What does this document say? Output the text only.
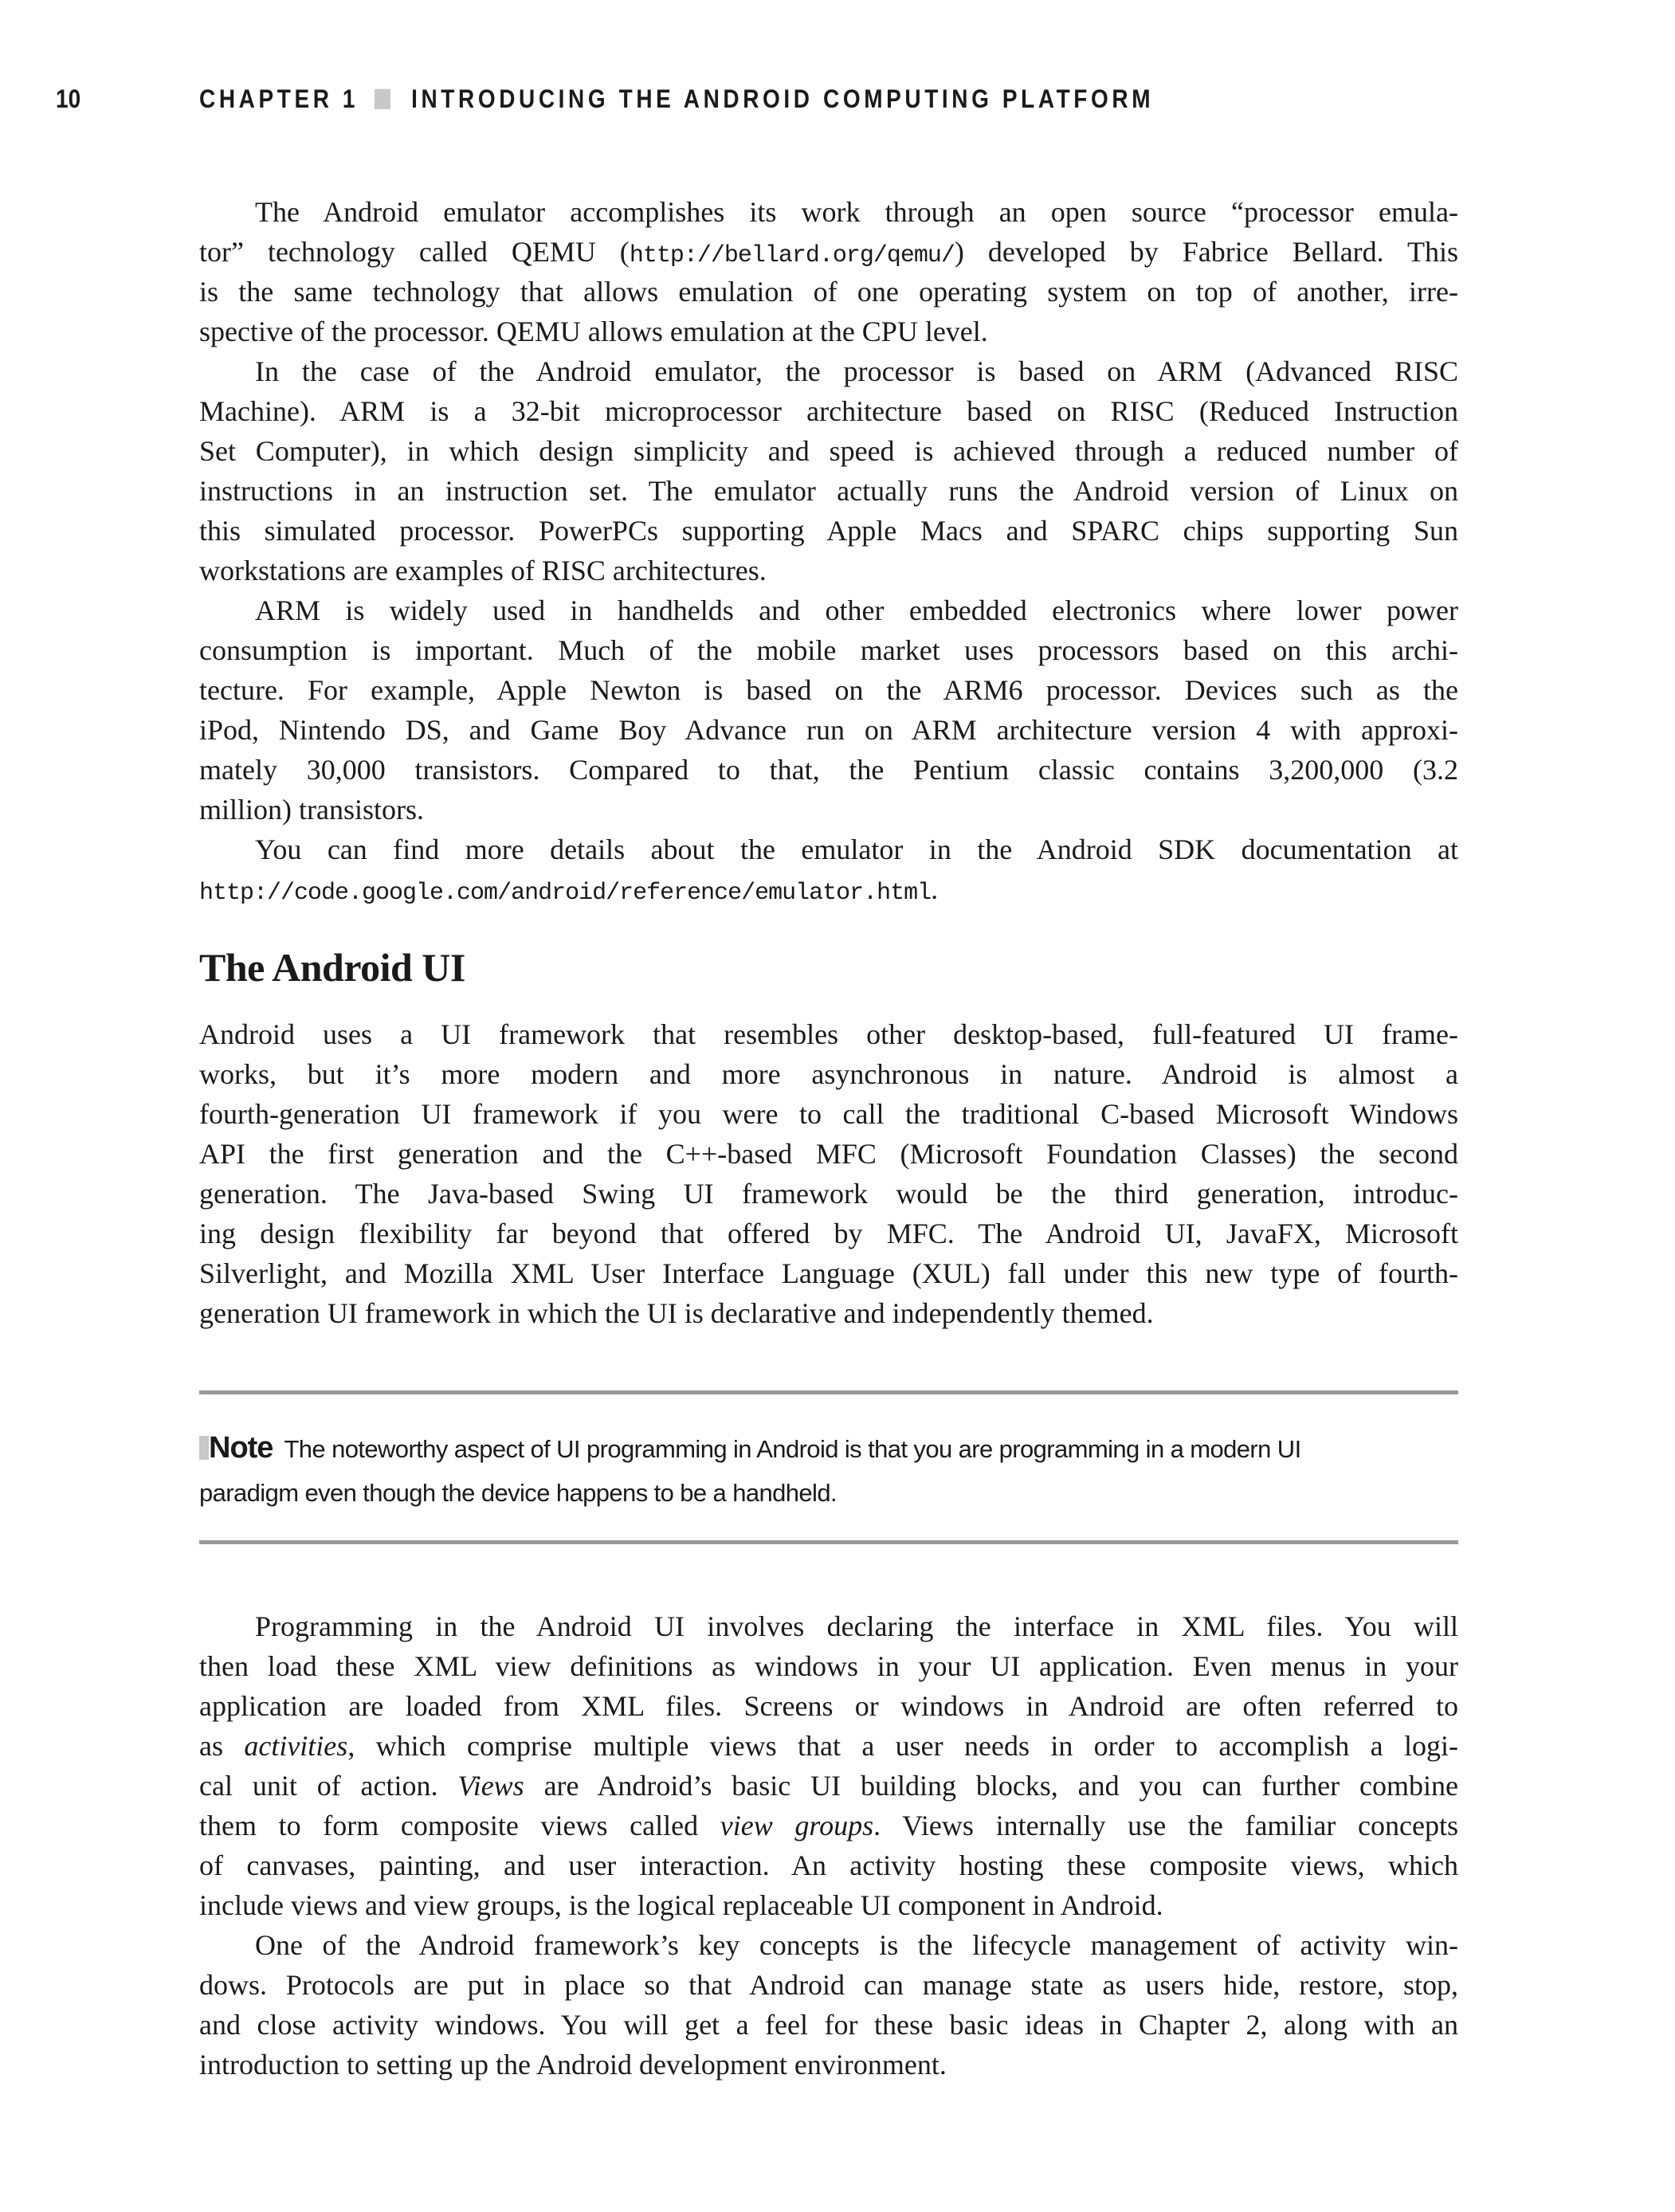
10	CHAPTER 1 INTRODUCING THE ANDROID COMPUTING PLATFORM
The Android emulator accomplishes its work through an open source “processor emula-
tor” technology called QEMU (http://bellard.org/qemu/) developed by Fabrice Bellard. This
is the same technology that allows emulation of one operating system on top of another, irre-
spective of the processor. QEMU allows emulation at the CPU level.
In the case of the Android emulator, the processor is based on ARM (Advanced RISC
Machine). ARM is a 32-bit microprocessor architecture based on RISC (Reduced Instruction
Set Computer), in which design simplicity and speed is achieved through a reduced number of
instructions in an instruction set. The emulator actually runs the Android version of Linux on
this simulated processor. PowerPCs supporting Apple Macs and SPARC chips supporting Sun
workstations are examples of RISC architectures.
ARM is widely used in handhelds and other embedded electronics where lower power
consumption is important. Much of the mobile market uses processors based on this archi-
tecture. For example, Apple Newton is based on the ARM6 processor. Devices such as the
iPod, Nintendo DS, and Game Boy Advance run on ARM architecture version 4 with approxi-
mately 30,000 transistors. Compared to that, the Pentium classic contains 3,200,000 (3.2
million) transistors.
You can find more details about the emulator in the Android SDK documentation at
http://code.google.com/android/reference/emulator.html.
The Android UI
Android uses a UI framework that resembles other desktop-based, full-featured UI frame-
works, but it’s more modern and more asynchronous in nature. Android is almost a
fourth-generation UI framework if you were to call the traditional C-based Microsoft Windows
API the first generation and the C++-based MFC (Microsoft Foundation Classes) the second
generation. The Java-based Swing UI framework would be the third generation, introduc-
ing design flexibility far beyond that offered by MFC. The Android UI, JavaFX, Microsoft
Silverlight, and Mozilla XML User Interface Language (XUL) fall under this new type of fourth-
generation UI framework in which the UI is declarative and independently themed.
Note The noteworthy aspect of UI programming in Android is that you are programming in a modern UI
paradigm even though the device happens to be a handheld.
Programming in the Android UI involves declaring the interface in XML files. You will
then load these XML view definitions as windows in your UI application. Even menus in your
application are loaded from XML files. Screens or windows in Android are often referred to
as activities, which comprise multiple views that a user needs in order to accomplish a logi-
cal unit of action. Views are Android’s basic UI building blocks, and you can further combine
them to form composite views called view groups. Views internally use the familiar concepts
of canvases, painting, and user interaction. An activity hosting these composite views, which
include views and view groups, is the logical replaceable UI component in Android.
One of the Android framework’s key concepts is the lifecycle management of activity win-
dows. Protocols are put in place so that Android can manage state as users hide, restore, stop,
and close activity windows. You will get a feel for these basic ideas in Chapter 2, along with an
introduction to setting up the Android development environment.
